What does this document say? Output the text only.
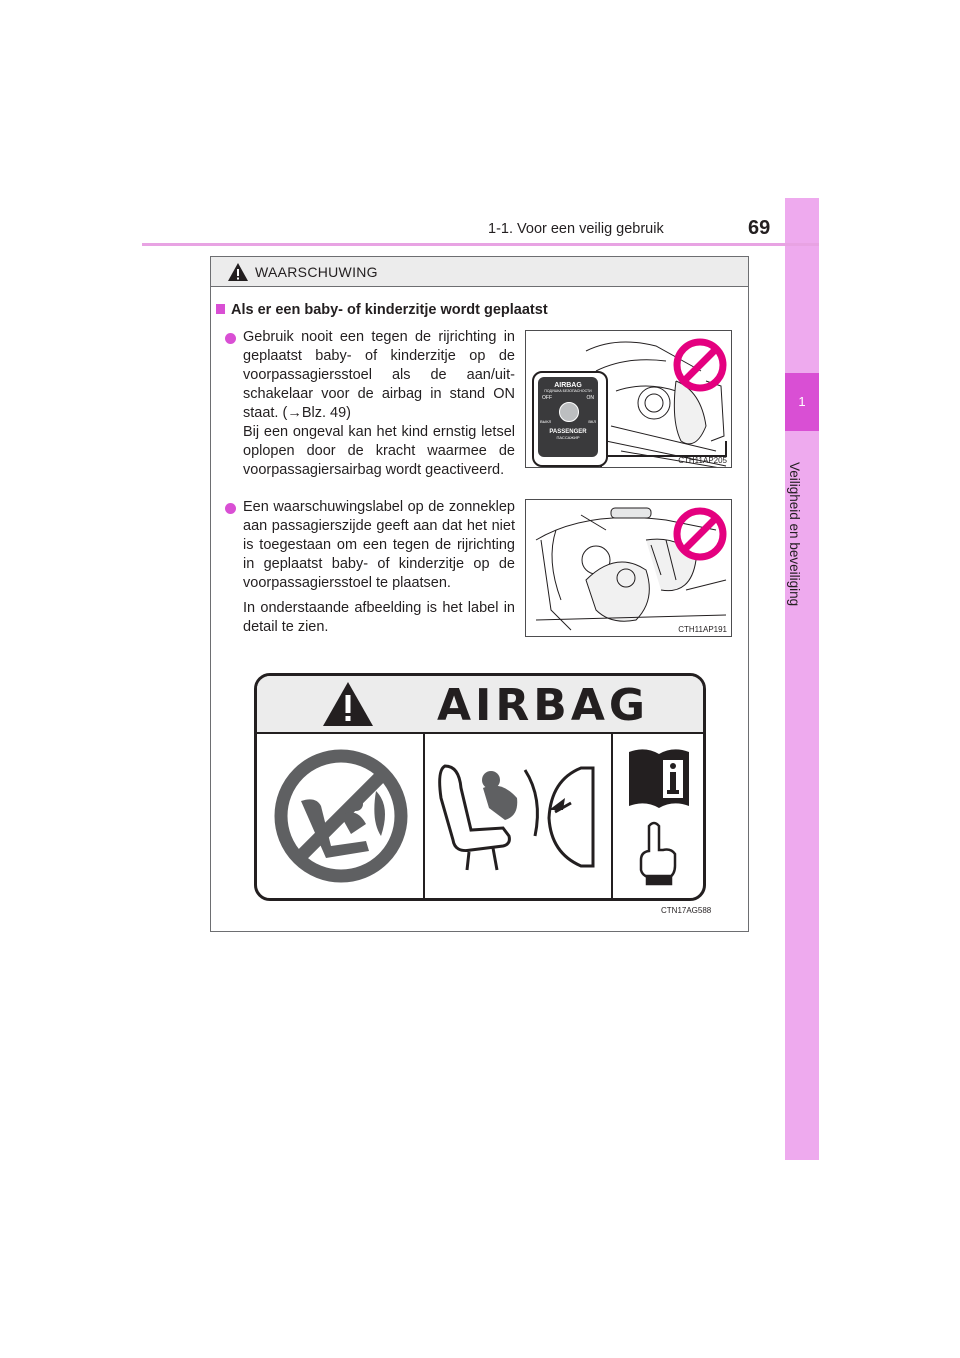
1
Veiligheid en beveiliging
1-1. Voor een veilig gebruik	69
WAARSCHUWING
Als er een baby- of kinderzitje wordt geplaatst

Gebruik nooit een tegen de rijrichting in geplaatst baby- of kinderzitje op de voorpassagiersstoel als de aan/uit-schakelaar voor de airbag in stand ON staat. (→Blz. 49)

Bij een ongeval kan het kind ernstig letsel oplopen door de kracht waarmee de voorpassagiersairbag wordt geactiveerd.

Een waarschuwingslabel op de zonneklep aan passagierszijde geeft aan dat het niet is toegestaan om een tegen de rijrichting in geplaatst baby- of kinderzitje op de voorpassagiersstoel te plaatsen.

In onderstaande afbeelding is het label in detail te zien.

AIRBAG
ПОДУШКА БЕЗОПАСНОСТИ
OFF	ON
ВЫКЛ	ВКЛ
PASSENGER
ПАССАЖИР
CTH11AP205
CTH11AP191
AIRBAG
CTN17AG588
